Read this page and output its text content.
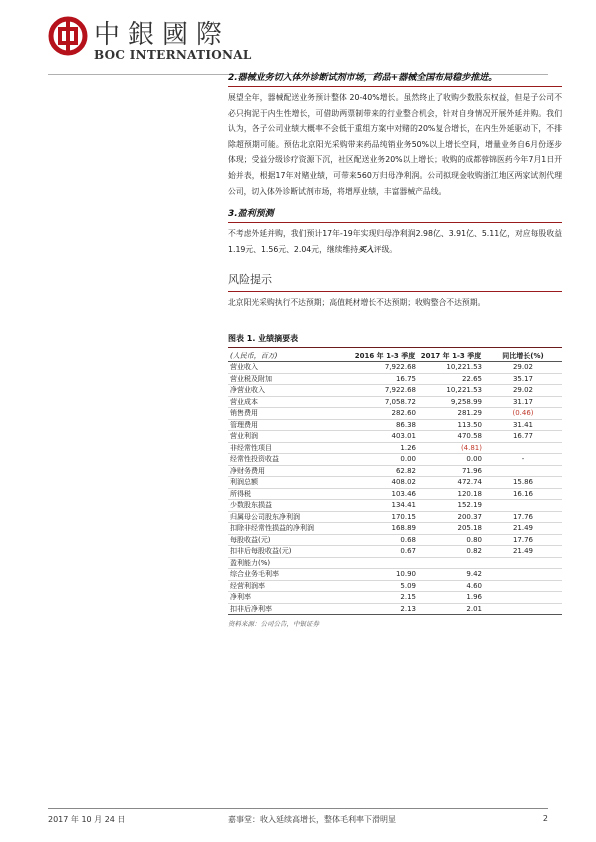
中銀國際
BOC INTERNATIONAL
2.器械业务切入体外诊断试剂市场，药品+器械全国布局稳步推进。

展望全年，器械配送业务预计整体 20-40%增长。虽然终止了收购少数股东权益，但是子公司不必只拘泥于内生性增长，可借助两票制带来的行业整合机会，针对自身情况开展外延并购。我们认为，各子公司业绩大概率不会低于重组方案中对赌的20%复合增长，在内生外延驱动下，不排除超预期可能。预估北京阳光采购带来药品纯销业务50%以上增长空间，增量业务自6月份逐步体现；受益分级诊疗资源下沉，社区配送业务20%以上增长；收购的成都蓉锦医药今年7月1日开始并表，根据17年对赌业绩，可带来560万归母净利润。公司拟现金收购浙江地区两家试剂代理公司，切入体外诊断试剂市场，将增厚业绩，丰富器械产品线。

3.盈利预测

不考虑外延并购，我们预计17年-19年实现归母净利润2.98亿、3.91亿、5.11亿，对应每股收益1.19元、1.56元、2.04元，继续维持买入评级。

风险提示

北京阳光采购执行不达预期；高值耗材增长不达预期；收购整合不达预期。

图表 1. 业绩摘要表
(人民币，百万)	2016 年 1-3 季度	2017 年 1-3 季度	同比增长(%)
营业收入	7,922.68	10,221.53	29.02
营业税及附加	16.75	22.65	35.17
净营业收入	7,922.68	10,221.53	29.02
营业成本	7,058.72	9,258.99	31.17
销售费用	282.60	281.29	(0.46)
管理费用	86.38	113.50	31.41
营业利润	403.01	470.58	16.77
非经常性项目	1.26	(4.81)	
经常性投资收益	0.00	0.00	-
净财务费用	62.82	71.96	
利润总额	408.02	472.74	15.86
所得税	103.46	120.18	16.16
少数股东损益	134.41	152.19	
归属母公司股东净利润	170.15	200.37	17.76
扣除非经常性损益的净利润	168.89	205.18	21.49
每股收益(元)	0.68	0.80	17.76
扣非后每股收益(元)	0.67	0.82	21.49
盈利能力(%)			
综合业务毛利率	10.90	9.42	
经营利润率	5.09	4.60	
净利率	2.15	1.96	
扣非后净利率	2.13	2.01	
资料来源：公司公告，中银证券
2017 年 10 月 24 日	嘉事堂：收入延续高增长，整体毛利率下滑明显	2
